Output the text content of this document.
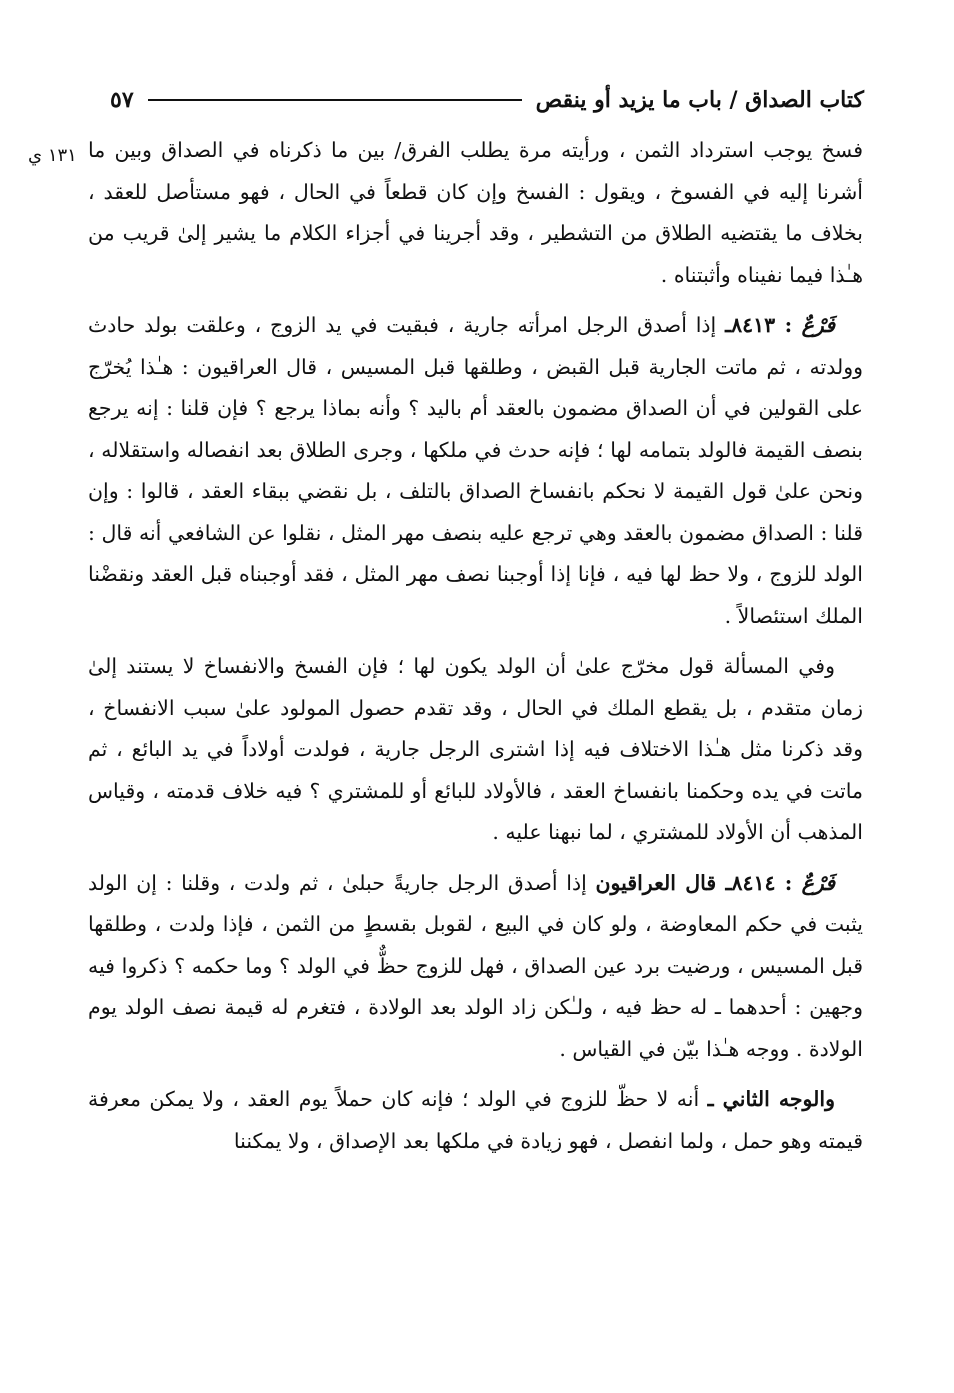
كتاب الصداق / باب ما يزيد أو ينقص
٥٧
١٣١ ي فسخ يوجب استرداد الثمن ، ورأيته مرة يطلب الفرق/ بين ما ذكرناه في الصداق وبين ما أشرنا إليه في الفسوخ ، ويقول : الفسخ وإن كان قطعاً في الحال ، فهو مستأصل للعقد ، بخلاف ما يقتضيه الطلاق من التشطير ، وقد أجرينا في أجزاء الكلام ما يشير إلىٰ قريب من هـٰذا فيما نفيناه وأثبتناه .

فَرْعٌ : ٨٤١٣ـ إذا أصدق الرجل امرأته جارية ، فبقيت في يد الزوج ، وعلقت بولد حادث وولدته ، ثم ماتت الجارية قبل القبض ، وطلقها قبل المسيس ، قال العراقيون : هـٰذا يُخرّج على القولين في أن الصداق مضمون بالعقد أم باليد ؟ وأنه بماذا يرجع ؟ فإن قلنا : إنه يرجع بنصف القيمة فالولد بتمامه لها ؛ فإنه حدث في ملكها ، وجرى الطلاق بعد انفصاله واستقلاله ، ونحن علىٰ قول القيمة لا نحكم بانفساخ الصداق بالتلف ، بل نقضي ببقاء العقد ، قالوا : وإن قلنا : الصداق مضمون بالعقد وهي ترجع عليه بنصف مهر المثل ، نقلوا عن الشافعي أنه قال : الولد للزوج ، ولا حظ لها فيه ، فإنا إذا أوجبنا نصف مهر المثل ، فقد أوجبناه قبل العقد ونقضْنا الملك استئصالاً .

وفي المسألة قول مخرّج علىٰ أن الولد يكون لها ؛ فإن الفسخ والانفساخ لا يستند إلىٰ زمان متقدم ، بل يقطع الملك في الحال ، وقد تقدم حصول المولود علىٰ سبب الانفساخ ، وقد ذكرنا مثل هـٰذا الاختلاف فيه إذا اشترى الرجل جارية ، فولدت أولاداً في يد البائع ، ثم ماتت في يده وحكمنا بانفساخ العقد ، فالأولاد للبائع أو للمشتري ؟ فيه خلاف قدمته ، وقياس المذهب أن الأولاد للمشتري ، لما نبهنا عليه .

فَرْعٌ : ٨٤١٤ـ قال العراقيون إذا أصدق الرجل جاريةً حبلىٰ ، ثم ولدت ، وقلنا : إن الولد يثبت في حكم المعاوضة ، ولو كان في البيع ، لقوبل بقسطٍ من الثمن ، فإذا ولدت ، وطلقها قبل المسيس ، ورضيت برد عين الصداق ، فهل للزوج حظٌّ في الولد ؟ وما حكمه ؟ ذكروا فيه وجهين : أحدهما ـ له حظ فيه ، ولـٰكن زاد الولد بعد الولادة ، فتغرم له قيمة نصف الولد يوم الولادة . ووجه هـٰذا بيّن في القياس .

والوجه الثاني ـ أنه لا حظّ للزوج في الولد ؛ فإنه كان حملاً يوم العقد ، ولا يمكن معرفة قيمته وهو حمل ، ولما انفصل ، فهو زيادة في ملكها بعد الإصداق ، ولا يمكننا
